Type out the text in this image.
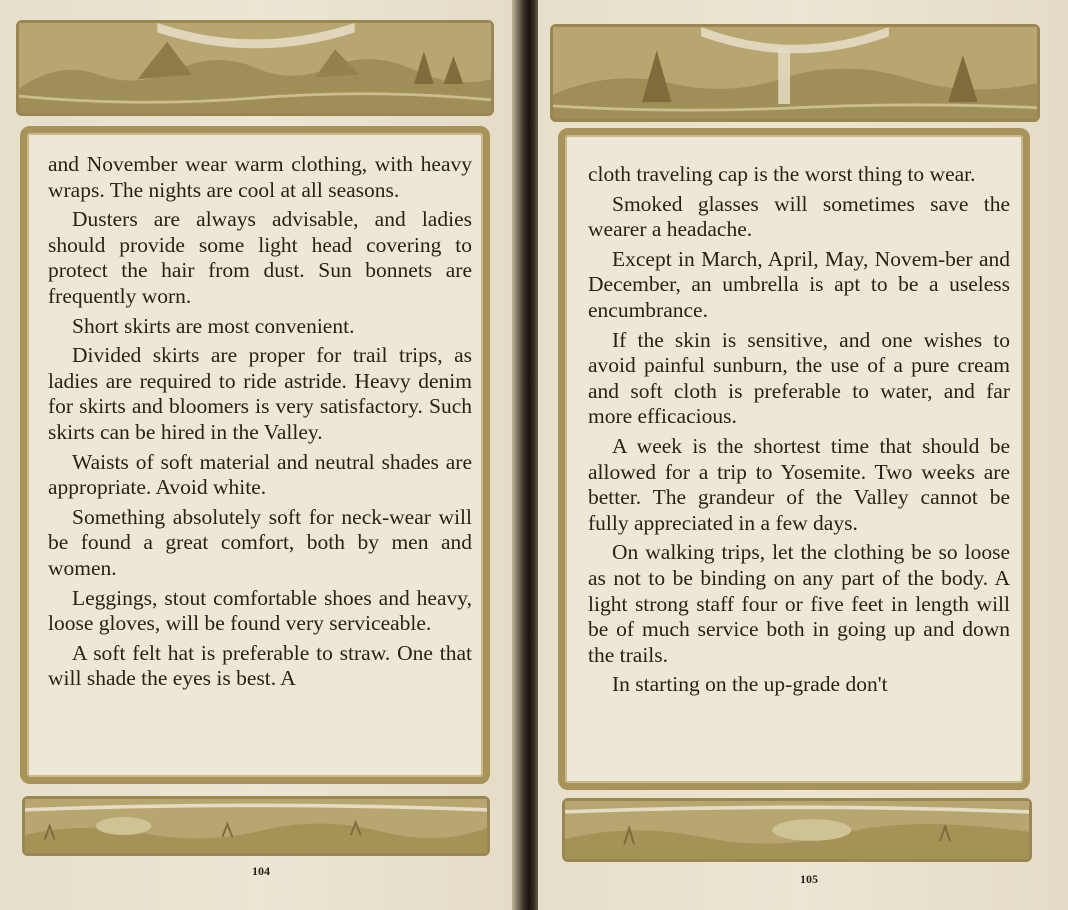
and November wear warm clothing, with heavy wraps. The nights are cool at all seasons.

Dusters are always advisable, and ladies should provide some light head covering to protect the hair from dust. Sun bonnets are frequently worn.

Short skirts are most convenient.

Divided skirts are proper for trail trips, as ladies are required to ride astride. Heavy denim for skirts and bloomers is very satisfactory. Such skirts can be hired in the Valley.

Waists of soft material and neutral shades are appropriate. Avoid white.

Something absolutely soft for neck-wear will be found a great comfort, both by men and women.

Leggings, stout comfortable shoes and heavy, loose gloves, will be found very serviceable.

A soft felt hat is preferable to straw. One that will shade the eyes is best. A

104

cloth traveling cap is the worst thing to wear.

Smoked glasses will sometimes save the wearer a headache.

Except in March, April, May, Novem-ber and December, an umbrella is apt to be a useless encumbrance.

If the skin is sensitive, and one wishes to avoid painful sunburn, the use of a pure cream and soft cloth is preferable to water, and far more efficacious.

A week is the shortest time that should be allowed for a trip to Yosemite. Two weeks are better. The grandeur of the Valley cannot be fully appreciated in a few days.

On walking trips, let the clothing be so loose as not to be binding on any part of the body. A light strong staff four or five feet in length will be of much service both in going up and down the trails.

In starting on the up-grade don't

105
